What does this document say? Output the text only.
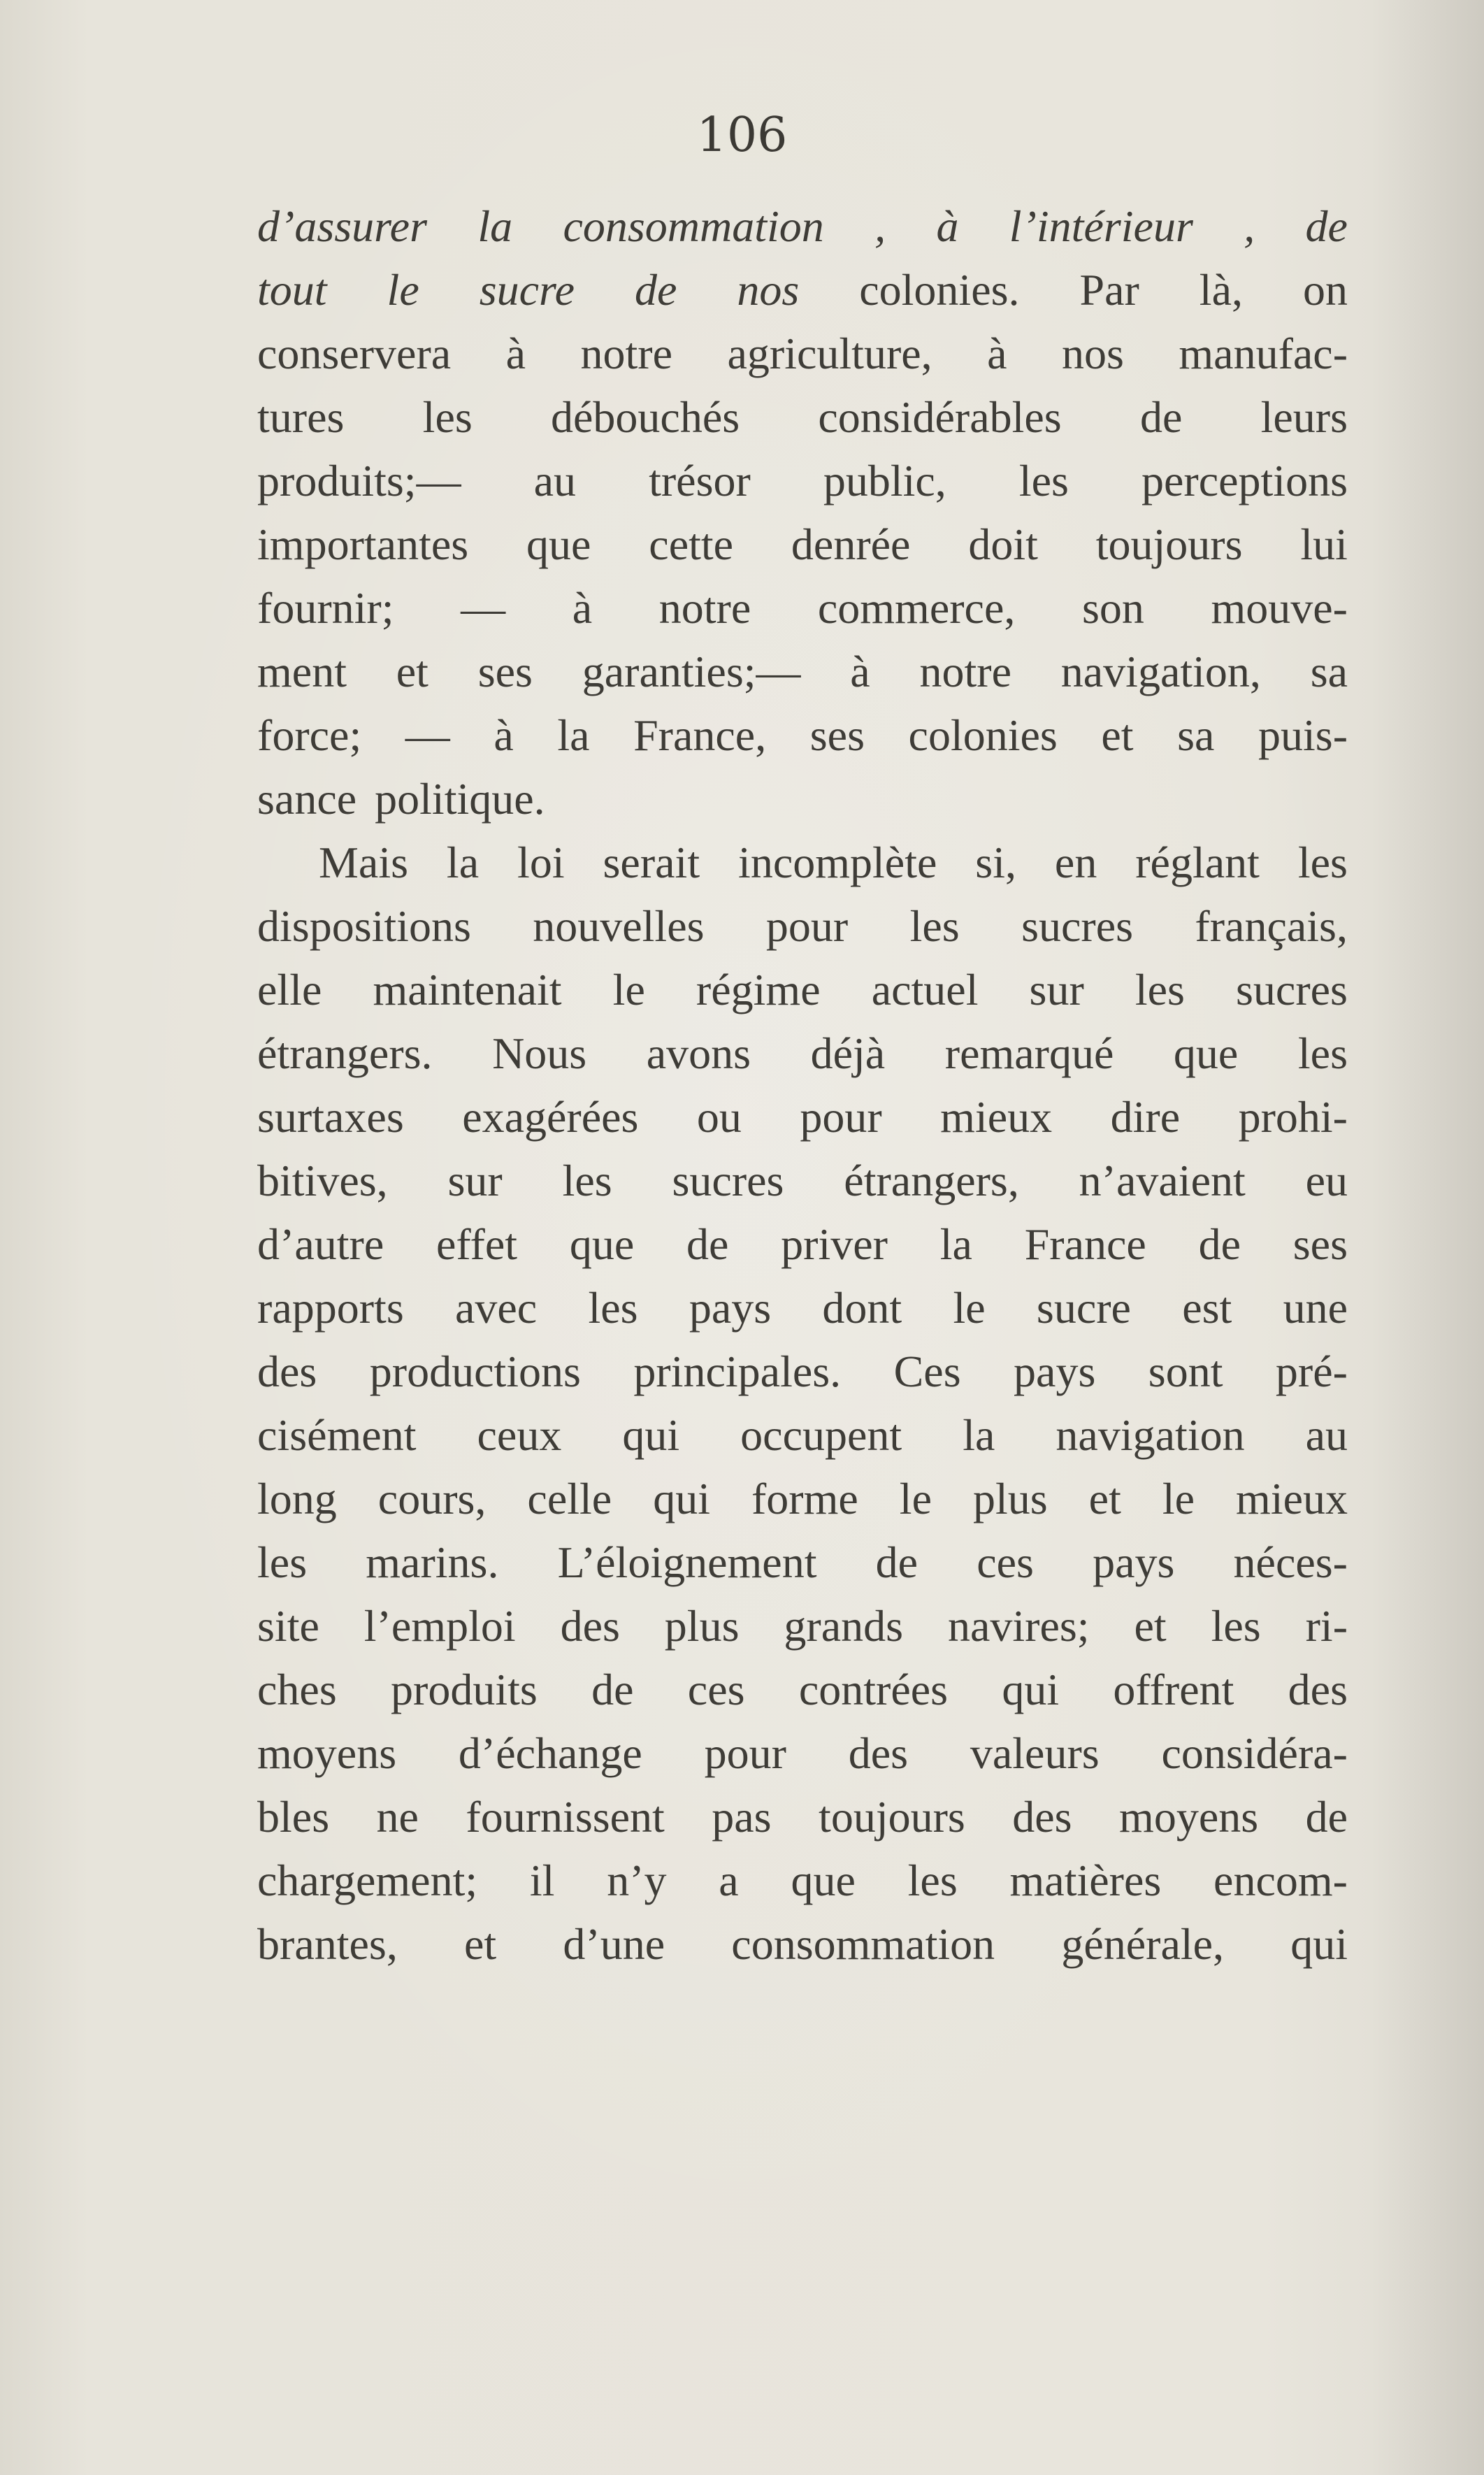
106
d’assurer la consommation , à l’intérieur , de
tout le sucre de nos colonies. Par là, on
conservera à notre agriculture, à nos manufac-
tures les débouchés considérables de leurs
produits;— au trésor public, les perceptions
importantes que cette denrée doit toujours lui
fournir; — à notre commerce, son mouve-
ment et ses garanties;— à notre navigation, sa
force; — à la France, ses colonies et sa puis-
sance politique.
Mais la loi serait incomplète si, en réglant les
dispositions nouvelles pour les sucres français,
elle maintenait le régime actuel sur les sucres
étrangers. Nous avons déjà remarqué que les
surtaxes exagérées ou pour mieux dire prohi-
bitives, sur les sucres étrangers, n’avaient eu
d’autre effet que de priver la France de ses
rapports avec les pays dont le sucre est une
des productions principales. Ces pays sont pré-
cisément ceux qui occupent la navigation au
long cours, celle qui forme le plus et le mieux
les marins. L’éloignement de ces pays néces-
site l’emploi des plus grands navires; et les ri-
ches produits de ces contrées qui offrent des
moyens d’échange pour des valeurs considéra-
bles ne fournissent pas toujours des moyens de
chargement; il n’y a que les matières encom-
brantes, et d’une consommation générale, qui
